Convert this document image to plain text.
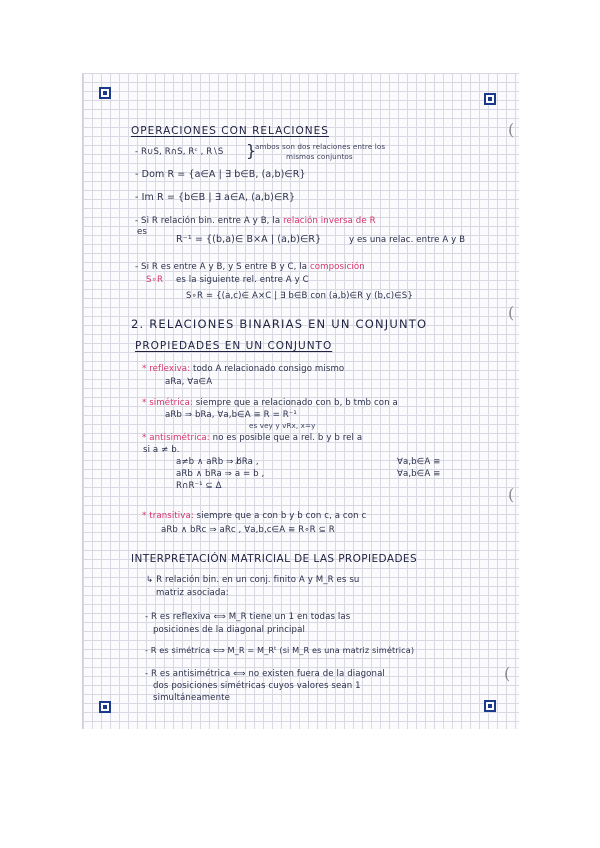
(
(
(
(
OPERACIONES CON RELACIONES
- R∪S, R∩S, Rᶜ , R∖S }
ambos son dos relaciones entre los
mismos conjuntos
- Dom R = {a∈A | ∃ b∈B, (a,b)∈R}
- Im R = {b∈B | ∃ a∈A, (a,b)∈R}
- Si R relación bin. entre A y B, la relación inversa de R
es
R⁻¹ = {(b,a)∈ B×A | (a,b)∈R}	y es una relac. entre A y B
- Si R es entre A y B, y S entre B y C, la composición
S∘R es la siguiente rel. entre A y C
S∘R = {(a,c)∈ A×C | ∃ b∈B con (a,b)∈R y (b,c)∈S}
2. RELACIONES BINARIAS EN UN CONJUNTO
PROPIEDADES EN UN CONJUNTO
* reflexiva: todo A relacionado consigo mismo
aRa, ∀a∈A
* simétrica: siempre que a relacionado con b, b tmb con a
aRb ⇒ bRa, ∀a,b∈A ≡ R = R⁻¹
es vey y vRx, x=y
* antisimétrica: no es posible que a rel. b y b rel a
si a ≠ b.
a≠b ∧ aRb ⇒ b̸Ra ,	∀a,b∈A ≡
aRb ∧ bRa ⇒ a = b ,	∀a,b∈A ≡
R∩R⁻¹ ⊆ Δ
* transitiva: siempre que a con b y b con c, a con c
aRb ∧ bRc ⇒ aRc , ∀a,b,c∈A ≡ R∘R ⊆ R
INTERPRETACIÓN MATRICIAL DE LAS PROPIEDADES
↳ R relación bin. en un conj. finito A y M_R es su
matriz asociada:
- R es reflexiva ⟺ M_R tiene un 1 en todas las
posiciones de la diagonal principal
- R es simétrica ⟺ M_R = M_Rᵗ (si M_R es una matriz simétrica)
- R es antisimétrica ⟺ no existen fuera de la diagonal
dos posiciones simétricas cuyos valores sean 1
simultáneamente
